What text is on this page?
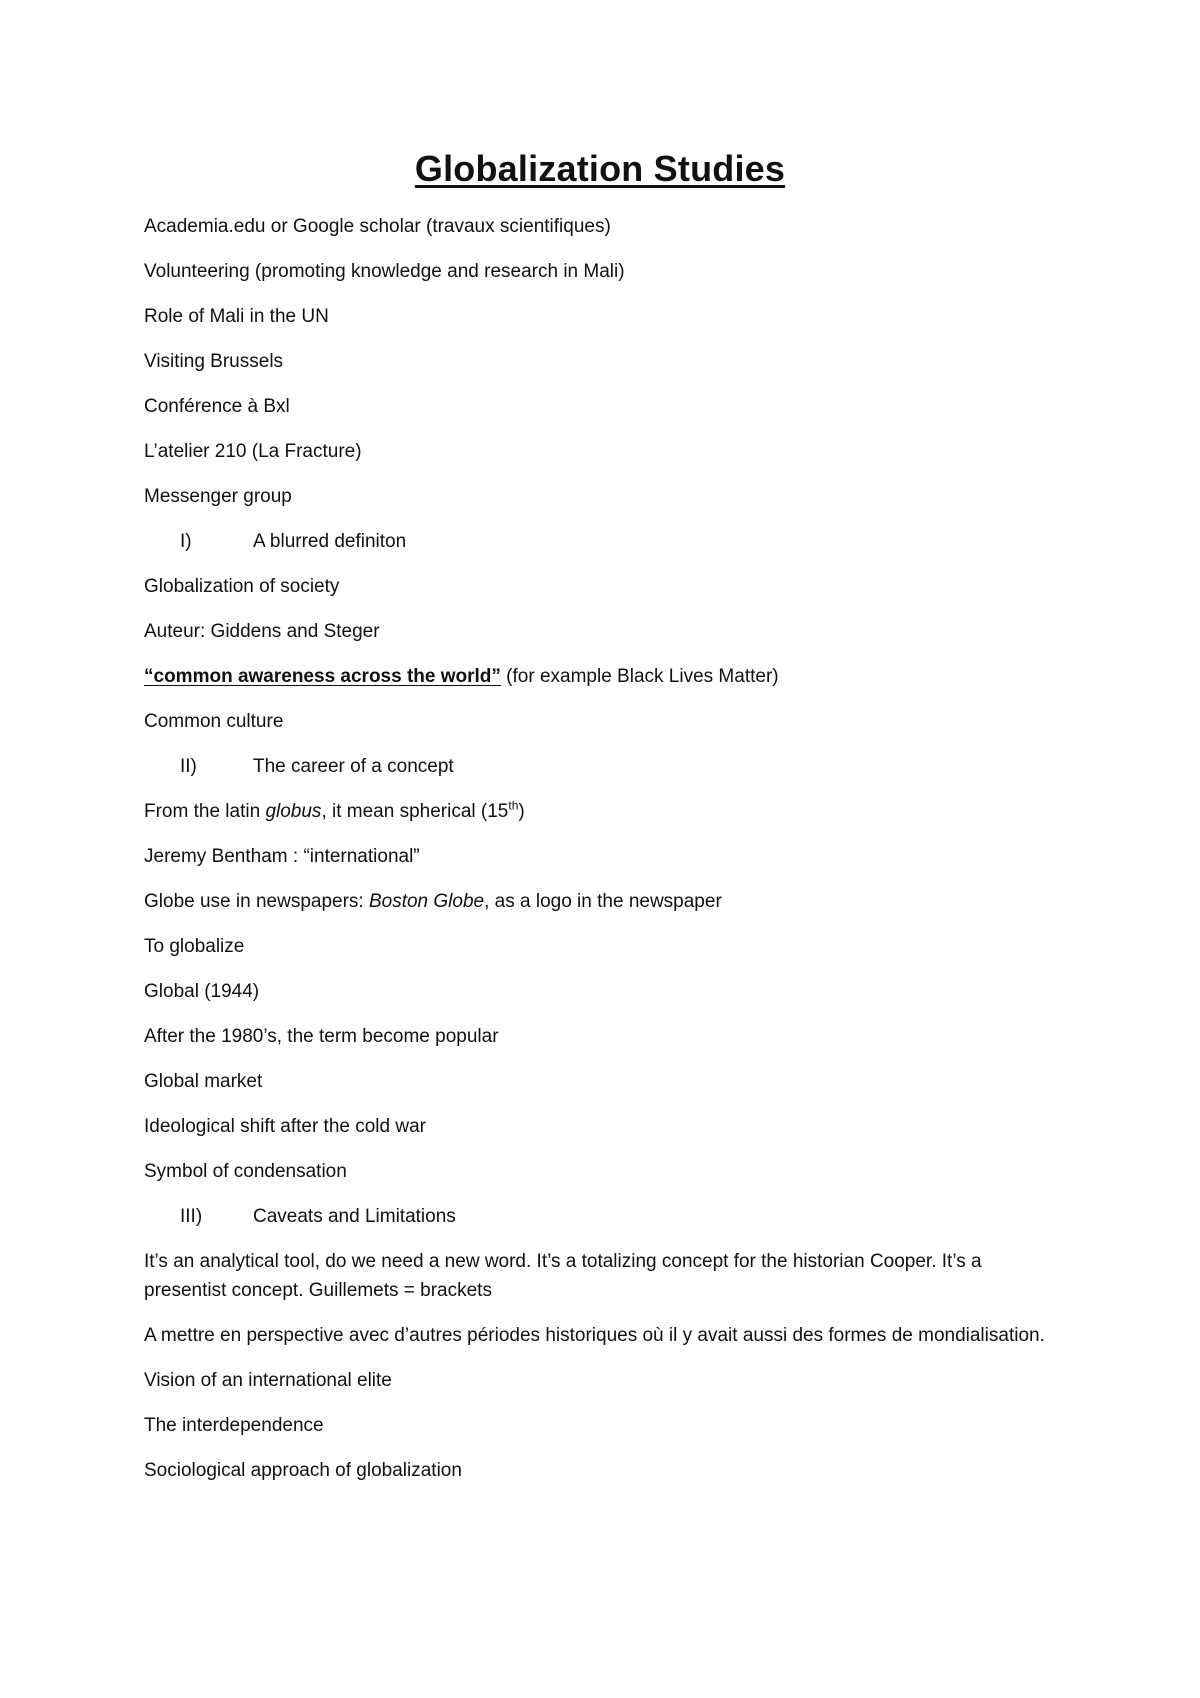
Globalization Studies
Academia.edu or Google scholar (travaux scientifiques)
Volunteering (promoting knowledge and research in Mali)
Role of Mali in the UN
Visiting Brussels
Conférence à Bxl
L’atelier 210 (La Fracture)
Messenger group
I)	A blurred definiton
Globalization of society
Auteur: Giddens and Steger
“common awareness across the world” (for example Black Lives Matter)
Common culture
II)	The career of a concept
From the latin globus, it mean spherical (15th)
Jeremy Bentham : “international”
Globe use in newspapers: Boston Globe, as a logo in the newspaper
To globalize
Global (1944)
After the 1980’s, the term become popular
Global market
Ideological shift after the cold war
Symbol of condensation
III)	Caveats and Limitations
It’s an analytical tool, do we need a new word. It’s a totalizing concept for the historian Cooper. It’s a presentist concept. Guillemets = brackets
A mettre en perspective avec d’autres périodes historiques où il y avait aussi des formes de mondialisation.
Vision of an international elite
The interdependence
Sociological approach of globalization
